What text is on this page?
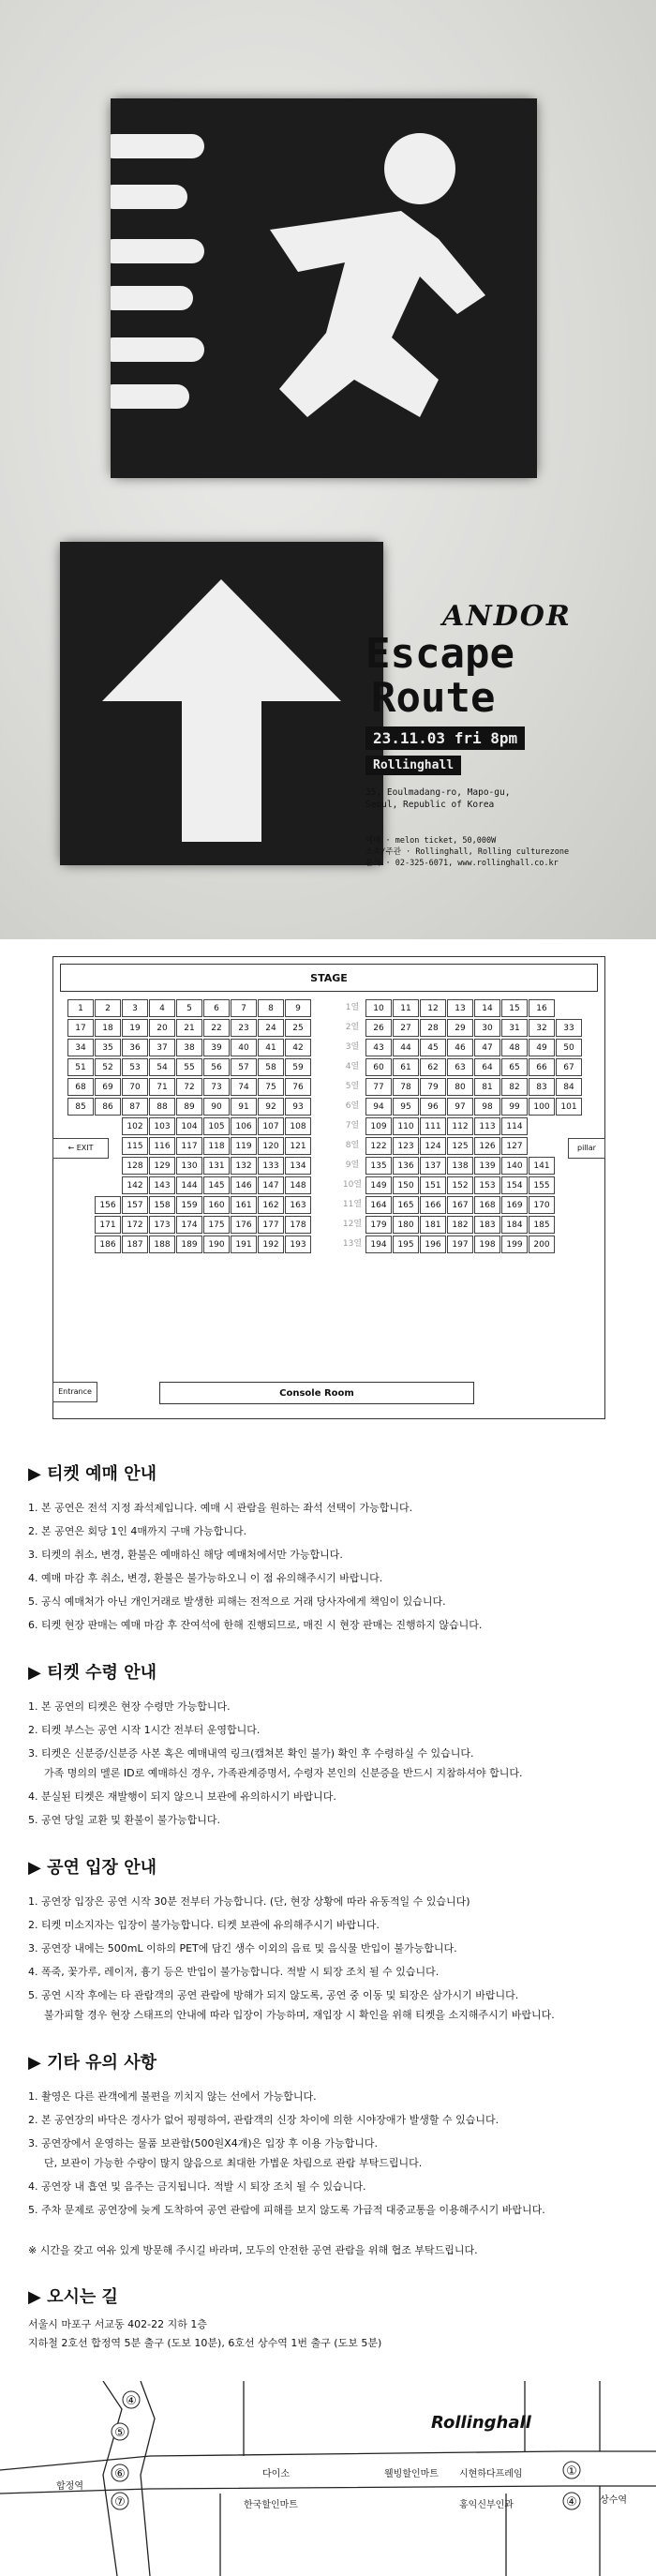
ANDOR
Escape
Route
23.11.03 fri 8pm
Rollinghall
35, Eoulmadang-ro, Mapo-gu,
Seoul, Republic of Korea
예매 · melon ticket, 50,000W
소속/주관 · Rollinghall, Rolling culturezone
문의 · 02-325-6071, www.rollinghall.co.kr
STAGE
← EXIT	pillar
Entrance	Console Room
1	2	3	4	5	6	7	8	9	1열	10	11	12	13	14	15	16
17	18	19	20	21	22	23	24	25	2열	26	27	28	29	30	31	32	33
34	35	36	37	38	39	40	41	42	3열	43	44	45	46	47	48	49	50
51	52	53	54	55	56	57	58	59	4열	60	61	62	63	64	65	66	67
68	69	70	71	72	73	74	75	76	5열	77	78	79	80	81	82	83	84
85	86	87	88	89	90	91	92	93	6열	94	95	96	97	98	99	100	101
102	103	104	105	106	107	108	7열	109	110	111	112	113	114
115	116	117	118	119	120	121	8열	122	123	124	125	126	127
128	129	130	131	132	133	134	9열	135	136	137	138	139	140	141
142	143	144	145	146	147	148	10열	149	150	151	152	153	154	155
156	157	158	159	160	161	162	163	11열	164	165	166	167	168	169	170
171	172	173	174	175	176	177	178	12열	179	180	181	182	183	184	185
186	187	188	189	190	191	192	193	13열	194	195	196	197	198	199	200
▶ 티켓 예매 안내

1. 본 공연은 전석 지정 좌석제입니다. 예매 시 관람을 원하는 좌석 선택이 가능합니다.

2. 본 공연은 회당 1인 4매까지 구매 가능합니다.

3. 티켓의 취소, 변경, 환불은 예매하신 해당 예매처에서만 가능합니다.

4. 예매 마감 후 취소, 변경, 환불은 불가능하오니 이 점 유의해주시기 바랍니다.

5. 공식 예매처가 아닌 개인거래로 발생한 피해는 전적으로 거래 당사자에게 책임이 있습니다.

6. 티켓 현장 판매는 예매 마감 후 잔여석에 한해 진행되므로, 매진 시 현장 판매는 진행하지 않습니다.

▶ 티켓 수령 안내

1. 본 공연의 티켓은 현장 수령만 가능합니다.

2. 티켓 부스는 공연 시작 1시간 전부터 운영합니다.

3. 티켓은 신분증/신분증 사본 혹은 예매내역 링크(캡쳐본 확인 불가) 확인 후 수령하실 수 있습니다.

가족 명의의 멜론 ID로 예매하신 경우, 가족관계증명서, 수령자 본인의 신분증을 반드시 지참하셔야 합니다.

4. 분실된 티켓은 재발행이 되지 않으니 보관에 유의하시기 바랍니다.

5. 공연 당일 교환 및 환불이 불가능합니다.

▶ 공연 입장 안내

1. 공연장 입장은 공연 시작 30분 전부터 가능합니다. (단, 현장 상황에 따라 유동적일 수 있습니다)

2. 티켓 미소지자는 입장이 불가능합니다. 티켓 보관에 유의해주시기 바랍니다.

3. 공연장 내에는 500mL 이하의 PET에 담긴 생수 이외의 음료 및 음식물 반입이 불가능합니다.

4. 폭죽, 꽃가루, 레이저, 흉기 등은 반입이 불가능합니다. 적발 시 퇴장 조치 될 수 있습니다.

5. 공연 시작 후에는 타 관람객의 공연 관람에 방해가 되지 않도록, 공연 중 이동 및 퇴장은 삼가시기 바랍니다.

불가피할 경우 현장 스태프의 안내에 따라 입장이 가능하며, 재입장 시 확인을 위해 티켓을 소지해주시기 바랍니다.

▶ 기타 유의 사항

1. 촬영은 다른 관객에게 불편을 끼치지 않는 선에서 가능합니다.

2. 본 공연장의 바닥은 경사가 없어 평평하여, 관람객의 신장 차이에 의한 시야장애가 발생할 수 있습니다.

3. 공연장에서 운영하는 물품 보관함(500원X4개)은 입장 후 이용 가능합니다.

단, 보관이 가능한 수량이 많지 않음으로 최대한 가볍운 차림으로 관람 부탁드립니다.

4. 공연장 내 흡연 및 음주는 금지됩니다. 적발 시 퇴장 조치 될 수 있습니다.

5. 주차 문제로 공연장에 늦게 도착하여 공연 관람에 피해를 보지 않도록 가급적 대중교통을 이용해주시기 바랍니다.

※ 시간을 갖고 여유 있게 방문해 주시길 바라며, 모두의 안전한 공연 관람을 위해 협조 부탁드립니다.
▶ 오시는 길
서울시 마포구 서교동 402-22 지하 1층
지하철 2호선 합정역 5분 출구 (도보 10분), 6호선 상수역 1번 출구 (도보 5분)
④
⑤
⑥
⑦
①
④
합정역
상수역
다이소	웰빙할인마트
한국할인마트
시현하다프레임
홍익신부인과
Rollinghall
